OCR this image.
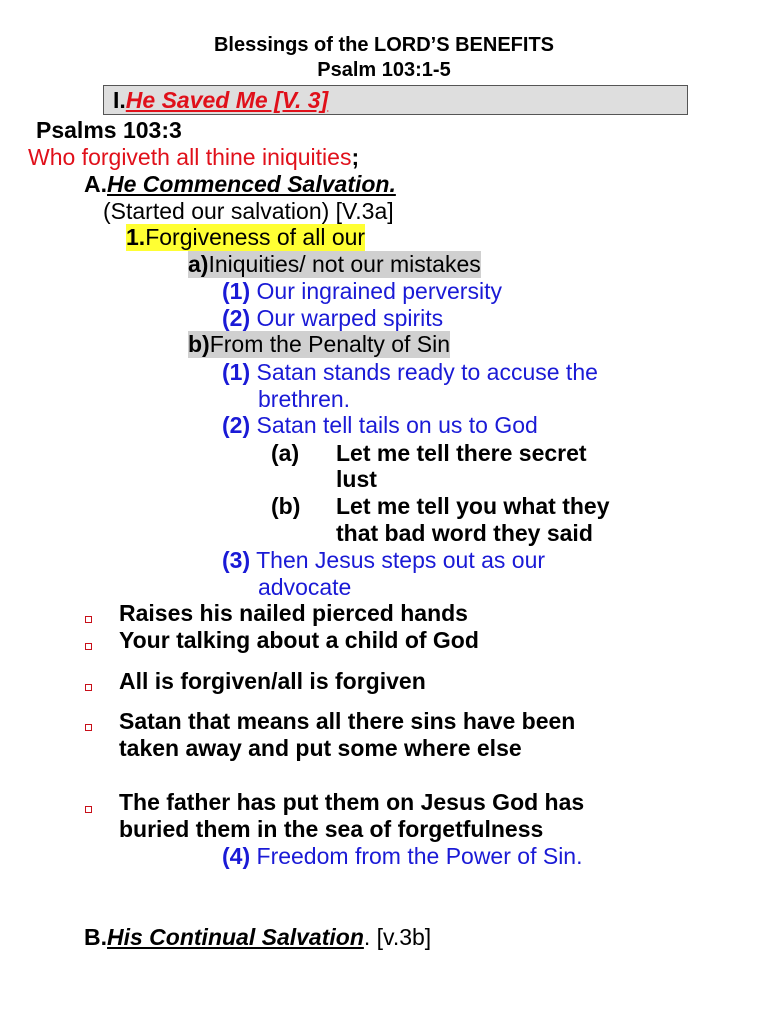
Blessings of the LORD’S BENEFITS
Psalm 103:1-5
I.He Saved Me [V. 3]
Psalms 103:3
Who forgiveth all thine iniquities;
A.He Commenced Salvation.
(Started our salvation) [V.3a]
1.Forgiveness of all our
a)Iniquities/ not our mistakes
(1) Our ingrained perversity
(2) Our warped spirits
b)From the Penalty of Sin
(1) Satan stands ready to accuse the
brethren.
(2) Satan tell tails on us to God
(a) Let me tell there secret
lust
(b) Let me tell you what they
that bad word they said
(3) Then Jesus steps out as our
advocate
Raises his nailed pierced hands
Your talking about a child of God
All is forgiven/all is forgiven
Satan that means all there sins have been
taken away and put some where else
The father has put them on Jesus God has
buried them in the sea of forgetfulness
(4) Freedom from the Power of Sin.
B.His Continual Salvation. [v.3b]
